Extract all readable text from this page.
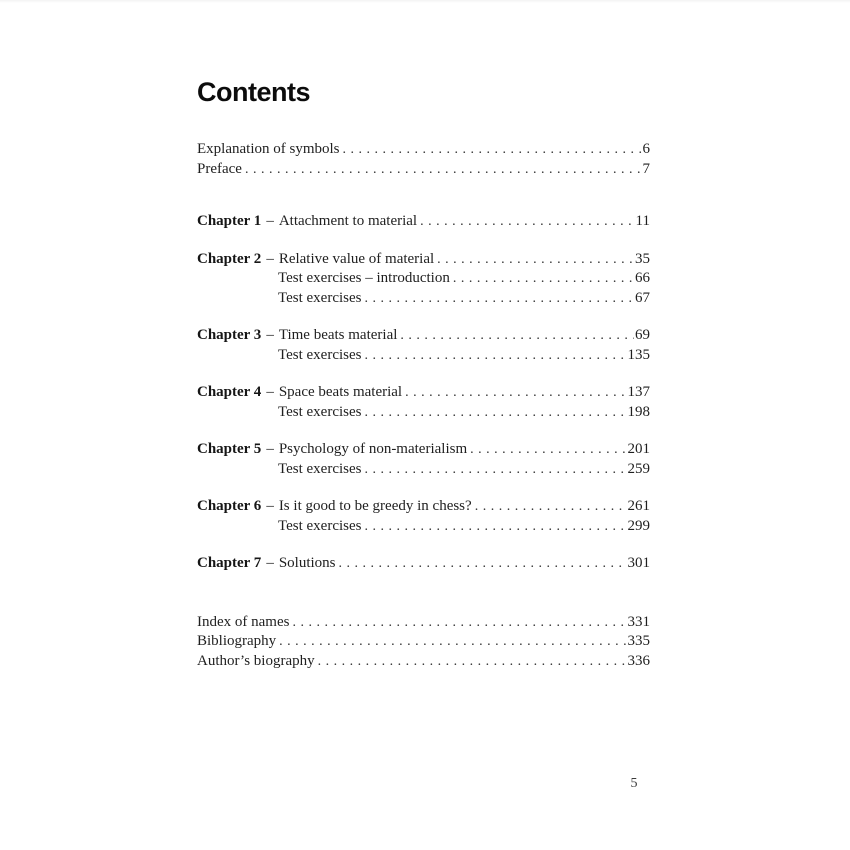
Contents
Explanation of symbols . . .	6
Preface . . .	7
Chapter 1 – Attachment to material . . .	11
Chapter 2 – Relative value of material . . .	35
Test exercises – introduction . . .	66
Test exercises . . .	67
Chapter 3 – Time beats material . . .	69
Test exercises . . .	135
Chapter 4 – Space beats material . . .	137
Test exercises . . .	198
Chapter 5 – Psychology of non-materialism . . .	201
Test exercises . . .	259
Chapter 6 – Is it good to be greedy in chess? . . .	261
Test exercises . . .	299
Chapter 7 – Solutions . . .	301
Index of names . . .	331
Bibliography . . .	335
Author’s biography . . .	336
5
